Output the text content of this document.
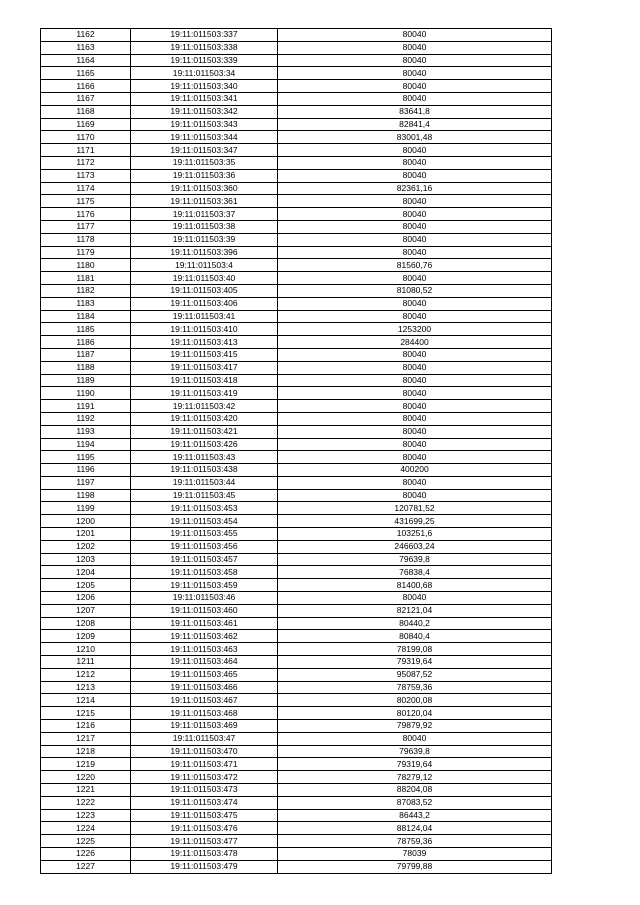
1162	19:11:011503:337	80040
1163	19:11:011503:338	80040
1164	19:11:011503:339	80040
1165	19:11:011503:34	80040
1166	19:11:011503:340	80040
1167	19:11:011503:341	80040
1168	19:11:011503:342	83641,8
1169	19:11:011503:343	82841,4
1170	19:11:011503:344	83001,48
1171	19:11:011503:347	80040
1172	19:11:011503:35	80040
1173	19:11:011503:36	80040
1174	19:11:011503:360	82361,16
1175	19:11:011503:361	80040
1176	19:11:011503:37	80040
1177	19:11:011503:38	80040
1178	19:11:011503:39	80040
1179	19:11:011503:396	80040
1180	19:11:011503:4	81560,76
1181	19:11:011503:40	80040
1182	19:11:011503:405	81080,52
1183	19:11:011503:406	80040
1184	19:11:011503:41	80040
1185	19:11:011503:410	1253200
1186	19:11:011503:413	284400
1187	19:11:011503:415	80040
1188	19:11:011503:417	80040
1189	19:11:011503:418	80040
1190	19:11:011503:419	80040
1191	19:11:011503:42	80040
1192	19:11:011503:420	80040
1193	19:11:011503:421	80040
1194	19:11:011503:426	80040
1195	19:11:011503:43	80040
1196	19:11:011503:438	400200
1197	19:11:011503:44	80040
1198	19:11:011503:45	80040
1199	19:11:011503:453	120781,52
1200	19:11:011503:454	431699,25
1201	19:11:011503:455	103251,6
1202	19:11:011503:456	246603,24
1203	19:11:011503:457	79639,8
1204	19:11:011503:458	76838,4
1205	19:11:011503:459	81400,68
1206	19:11:011503:46	80040
1207	19:11:011503:460	82121,04
1208	19:11:011503:461	80440,2
1209	19:11:011503:462	80840,4
1210	19:11:011503:463	78199,08
1211	19:11:011503:464	79319,64
1212	19:11:011503:465	95087,52
1213	19:11:011503:466	78759,36
1214	19:11:011503:467	80200,08
1215	19:11:011503:468	80120,04
1216	19:11:011503:469	79879,92
1217	19:11:011503:47	80040
1218	19:11:011503:470	79639,8
1219	19:11:011503:471	79319,64
1220	19:11:011503:472	78279,12
1221	19:11:011503:473	88204,08
1222	19:11:011503:474	87083,52
1223	19:11:011503:475	86443,2
1224	19:11:011503:476	88124,04
1225	19:11:011503:477	78759,36
1226	19:11:011503:478	78039
1227	19:11:011503:479	79799,88
